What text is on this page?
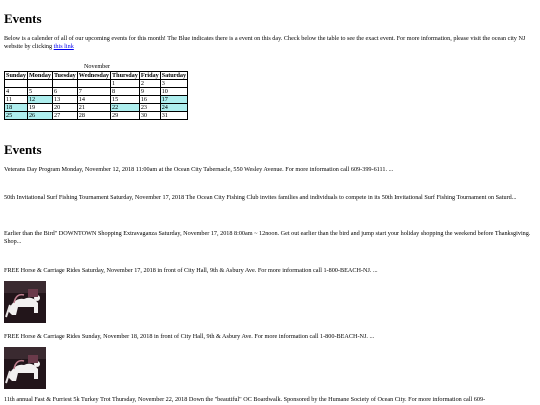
Events
Below is a calender of all of our upcoming events for this month! The Blue indicates there is a event on this day. Check below the table to see the exact event. For more information, please visit the ocean city NJ website by clicking this link
November
Sunday	Monday	Tuesday	Wednesday	Thursday	Friday	Saturday
				1	2	3
4	5	6	7	8	9	10
11	12	13	14	15	16	17
18	19	20	21	22	23	24
25	26	27	28	29	30	31
Events
Veterans Day Program Monday, November 12, 2018 11:00am at the Ocean City Tabernacle, 550 Wesley Avenue. For more information call 609-399-6111. ...
50th Invitational Surf Fishing Tournament Saturday, November 17, 2018 The Ocean City Fishing Club invites families and individuals to compete in its 50th Invitational Surf Fishing Tournament on Saturd...
Earlier than the Bird" DOWNTOWN Shopping Extravaganza Saturday, November 17, 2018 8:00am ~ 12noon. Get out earlier than the bird and jump start your holiday shopping the weekend before Thanksgiving. Shop...
FREE Horse & Carriage Rides Saturday, November 17, 2018 in front of City Hall, 9th & Asbury Ave. For more information call 1-800-BEACH-NJ. ...
FREE Horse & Carriage Rides Sunday, November 18, 2018 in front of City Hall, 9th & Asbury Ave. For more information call 1-800-BEACH-NJ. ...
11th annual Fast & Furriest 5k Turkey Trot Thursday, November 22, 2018 Down the "beautiful" OC Boardwalk. Sponsored by the Humane Society of Ocean City. For more information call 609-
